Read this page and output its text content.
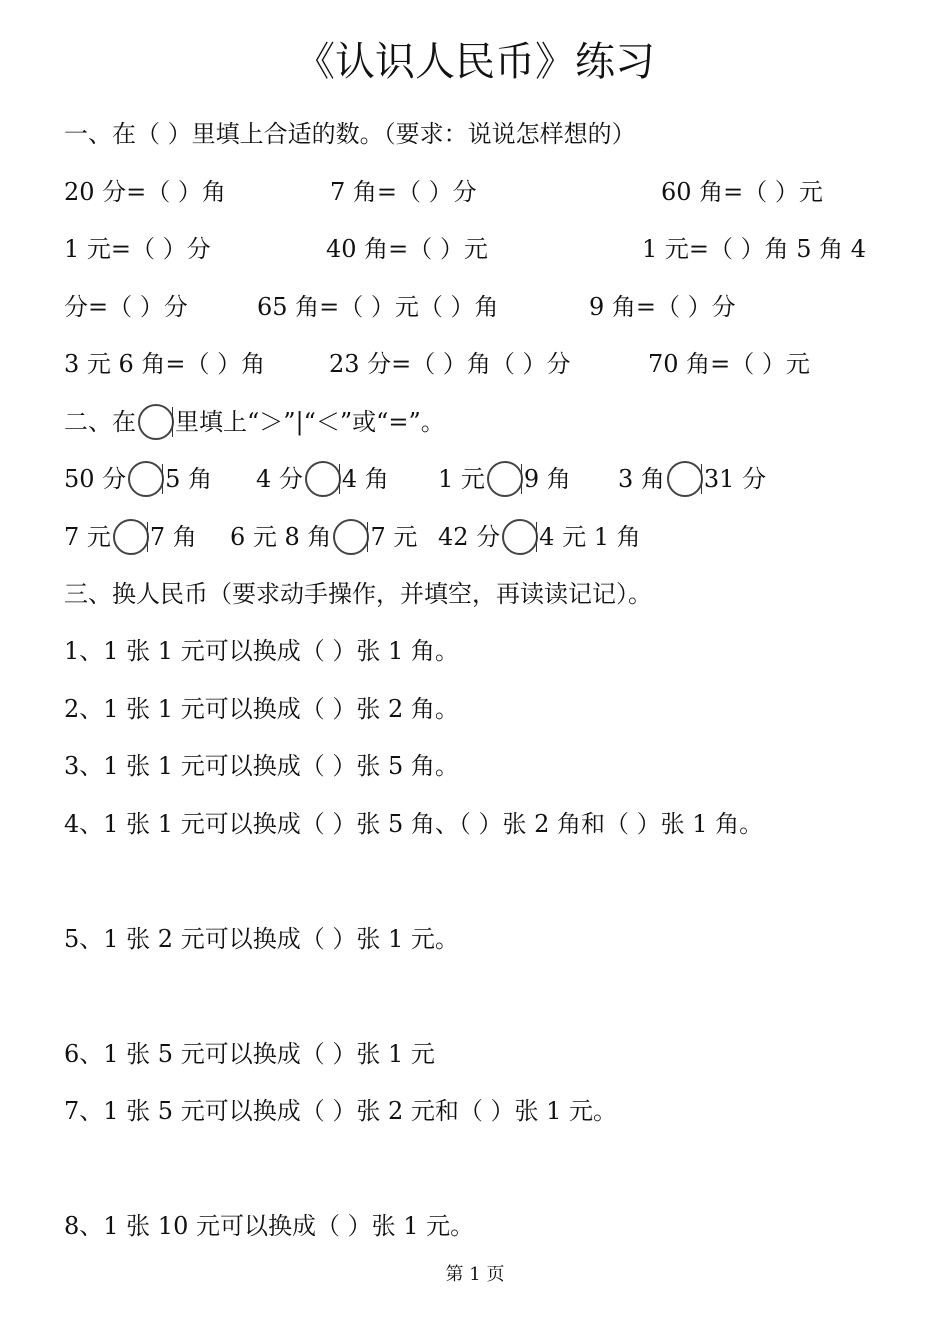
《认识人民币》练习
一、在（ ）里填上合适的数。（要求：说说怎样想的）
20 分=（ ）角	7 角=（ ）分	60 角=（ ）元
1 元=（ ）分	40 角=（ ）元	1 元=（ ）角 5 角 4
分=（ ）分	65 角=（ ）元（ ）角	9 角=（ ）分
3 元 6 角=（ ）角	23 分=（ ）角（ ）分	70 角=（ ）元
二、在 里填上“＞”|“＜”或“=”。
50 分 5 角 4 分 4 角 1 元 9 角 3 角 31 分
7 元 7 角 6 元 8 角 7 元 42 分 4 元 1 角
三、换人民币（要求动手操作，并填空，再读读记记）。
1、1 张 1 元可以换成（ ）张 1 角。
2、1 张 1 元可以换成（ ）张 2 角。
3、1 张 1 元可以换成（ ）张 5 角。
4、1 张 1 元可以换成（ ）张 5 角、（ ）张 2 角和（ ）张 1 角。
5、1 张 2 元可以换成（ ）张 1 元。
6、1 张 5 元可以换成（ ）张 1 元
7、1 张 5 元可以换成（ ）张 2 元和（ ）张 1 元。
8、1 张 10 元可以换成（ ）张 1 元。
第 1 页
